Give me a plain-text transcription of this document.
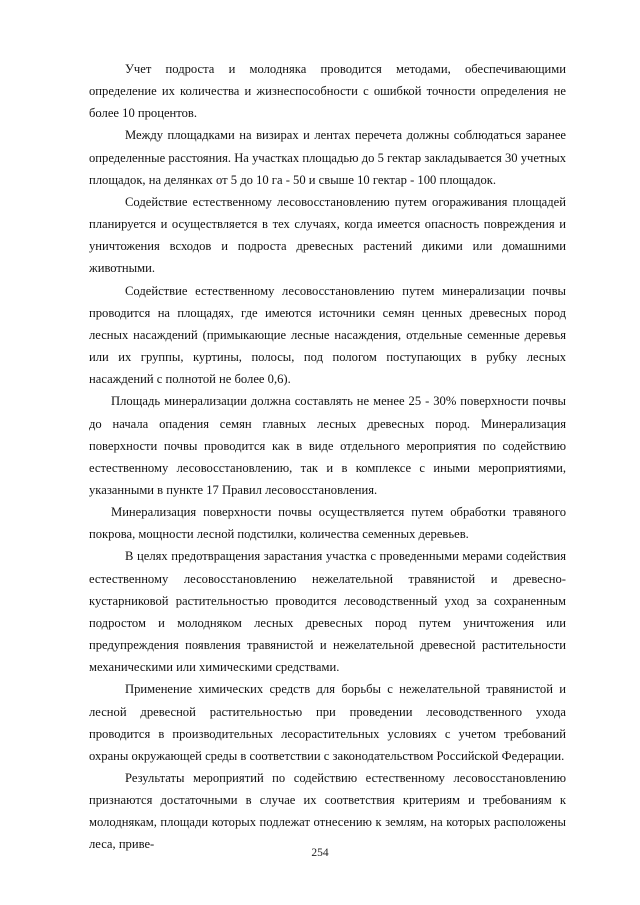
Учет подроста и молодняка проводится методами, обеспечивающими определение их количества и жизнеспособности с ошибкой точности определения не более 10 процентов.

Между площадками на визирах и лентах перечета должны соблюдаться заранее определенные расстояния. На участках площадью до 5 гектар закладывается 30 учетных площадок, на делянках от 5 до 10 га - 50 и свыше 10 гектар - 100 площадок.

Содействие естественному лесовосстановлению путем огораживания площадей планируется и осуществляется в тех случаях, когда имеется опасность повреждения и уничтожения всходов и подроста древесных растений дикими или домашними животными.

Содействие естественному лесовосстановлению путем минерализации почвы проводится на площадях, где имеются источники семян ценных древесных пород лесных насаждений (примыкающие лесные насаждения, отдельные семенные деревья или их группы, куртины, полосы, под пологом поступающих в рубку лесных насаждений с полнотой не более 0,6).

Площадь минерализации должна составлять не менее 25 - 30% поверхности почвы до начала опадения семян главных лесных древесных пород. Минерализация поверхности почвы проводится как в виде отдельного мероприятия по содействию естественному лесовосстановлению, так и в комплексе с иными мероприятиями, указанными в пункте 17 Правил лесовосстановления.

Минерализация поверхности почвы осуществляется путем обработки травяного покрова, мощности лесной подстилки, количества семенных деревьев.

В целях предотвращения зарастания участка с проведенными мерами содействия естественному лесовосстановлению нежелательной травянистой и древесно-кустарниковой растительностью проводится лесоводственный уход за сохраненным подростом и молодняком лесных древесных пород путем уничтожения или предупреждения появления травянистой и нежелательной древесной растительности механическими или химическими средствами.

Применение химических средств для борьбы с нежелательной травянистой и лесной древесной растительностью при проведении лесоводственного ухода проводится в производительных лесорастительных условиях с учетом требований охраны окружающей среды в соответствии с законодательством Российской Федерации.

Результаты мероприятий по содействию естественному лесовосстановлению признаются достаточными в случае их соответствия критериям и требованиям к молоднякам, площади которых подлежат отнесению к землям, на которых расположены леса, приве-

254
